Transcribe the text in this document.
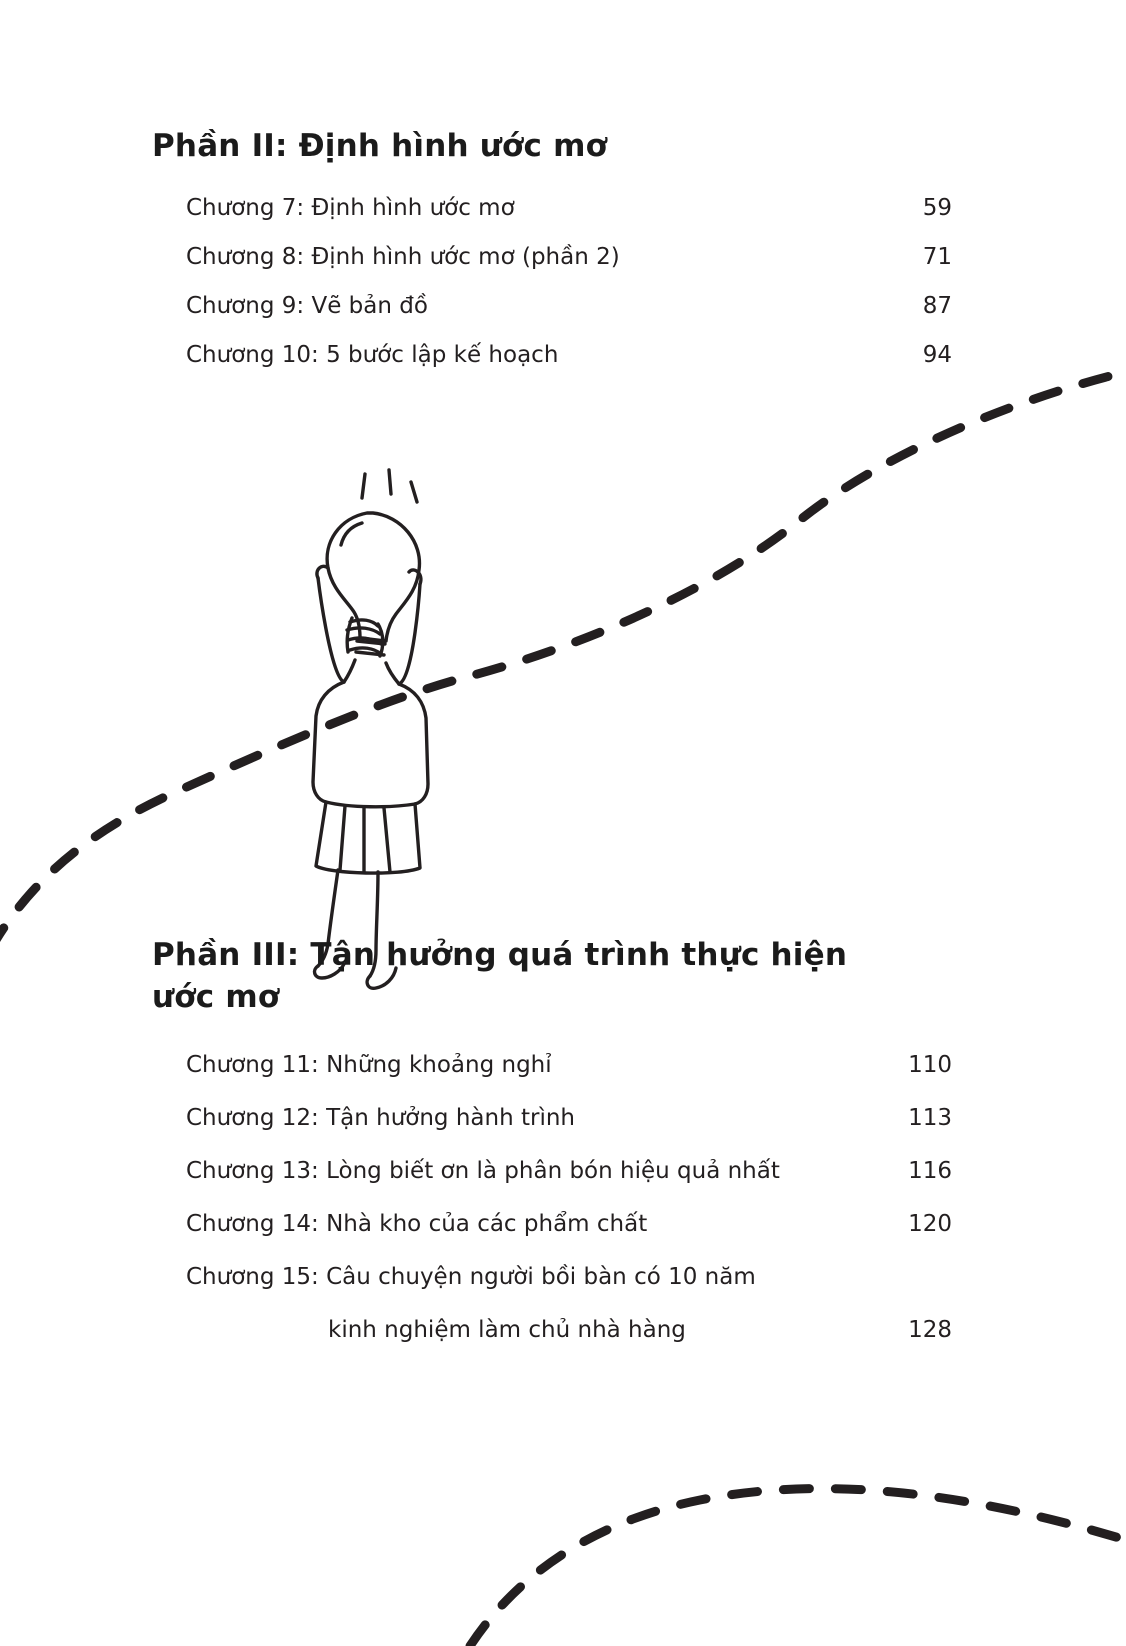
Phần II: Định hình ước mơ
Chương 7: Định hình ước mơ	59
Chương 8: Định hình ước mơ (phần 2)	71
Chương 9: Vẽ bản đồ	87
Chương 10: 5 bước lập kế hoạch	94
Phần III: Tận hưởng quá trình thực hiện ước mơ
Chương 11: Những khoảng nghỉ	110
Chương 12: Tận hưởng hành trình	113
Chương 13: Lòng biết ơn là phân bón hiệu quả nhất	116
Chương 14: Nhà kho của các phẩm chất	120
Chương 15: Câu chuyện người bồi bàn có 10 năm
kinh nghiệm làm chủ nhà hàng	128
